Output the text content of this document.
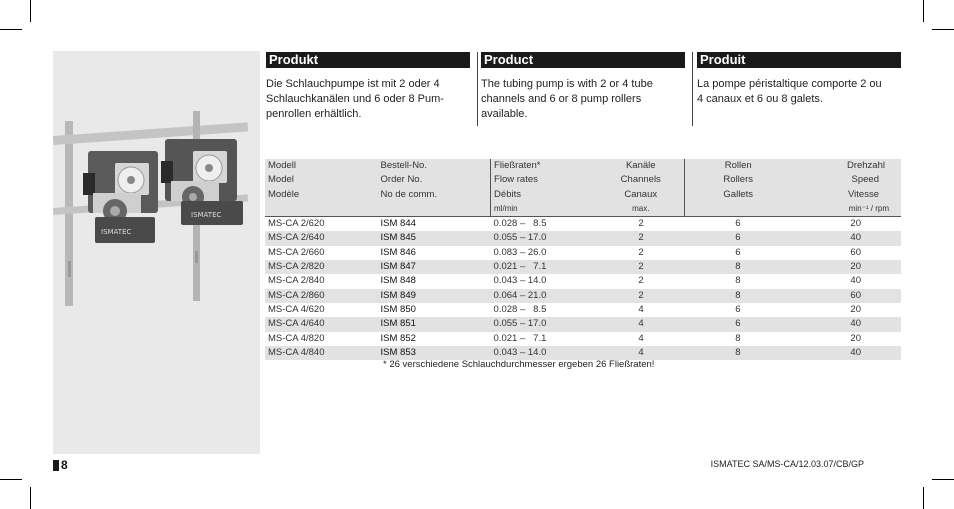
ISMATEC
ISMATEC
Produkt
Die Schlauchpumpe ist mit 2 oder 4
Schlauchkanälen und 6 oder 8 Pum-
penrollen erhältlich.
Product
The tubing pump is with 2 or 4 tube
channels and 6 or 8 pump rollers
available.
Produit
La pompe péristaltique comporte 2 ou
4 canaux et 6 ou 8 galets.
Modell	Bestell-No.	Fließraten*	Kanäle	Rollen	Drehzahl
Model	Order No.	Flow rates	Channels	Rollers	Speed
Modèle	No de comm.	Débits	Canaux	Gallets	Vitesse
		ml/min	max.		min⁻¹ / rpm
MS-CA 2/620	ISM 844	0.028 –   8.5	2	6	20
MS-CA 2/640	ISM 845	0.055 – 17.0	2	6	40
MS-CA 2/660	ISM 846	0.083 – 26.0	2	6	60
MS-CA 2/820	ISM 847	0.021 –   7.1	2	8	20
MS-CA 2/840	ISM 848	0.043 – 14.0	2	8	40
MS-CA 2/860	ISM 849	0.064 – 21.0	2	8	60
MS-CA 4/620	ISM 850	0.028 –   8.5	4	6	20
MS-CA 4/640	ISM 851	0.055 – 17.0	4	6	40
MS-CA 4/820	ISM 852	0.021 –   7.1	4	8	20
MS-CA 4/840	ISM 853	0.043 – 14.0	4	8	40
* 26 verschiedene Schlauchdurchmesser ergeben 26 Fließraten!
8	ISMATEC SA/MS-CA/12.03.07/CB/GP
